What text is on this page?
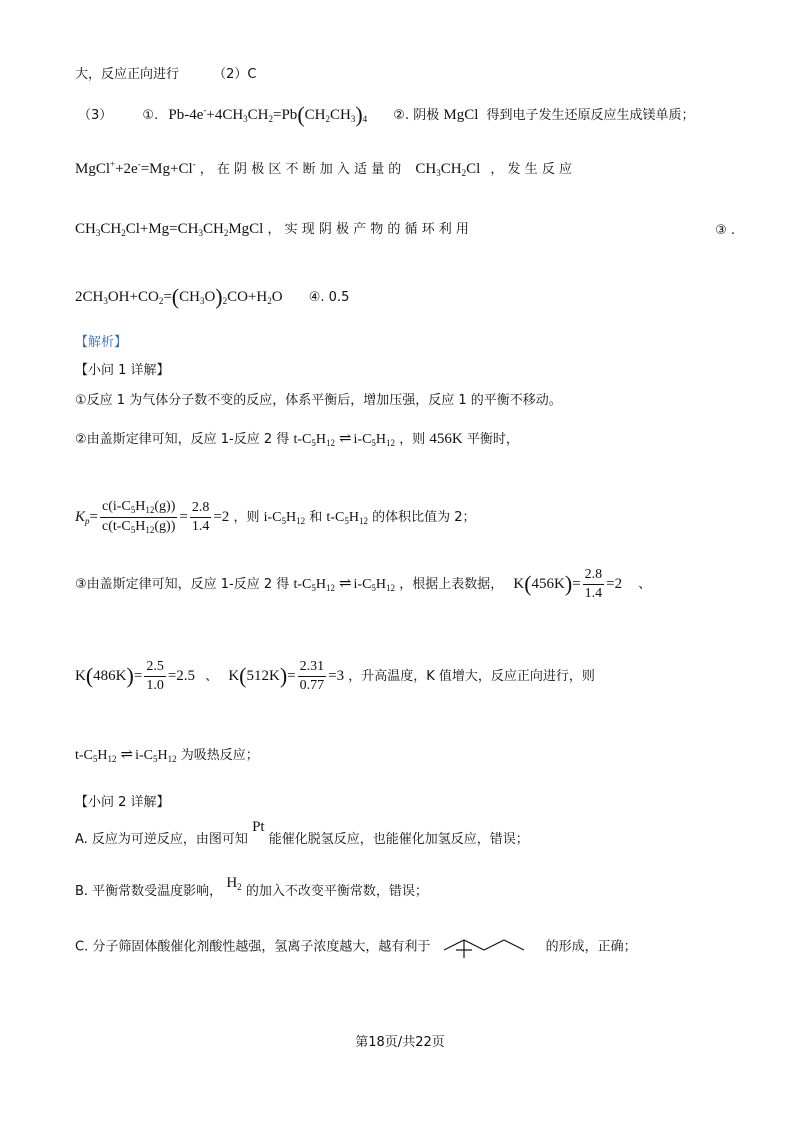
大，反应正向进行	（2）C
（3） ①. $Pb-4e^-+4CH_3CH_2=Pb(CH_2CH_3)_4$ ②. 阴极 MgCl 得到电子发生还原反应生成镁单质；
MgCl++2e-=Mg+Cl- ， 在 阴 极 区 不 断 加 入 适 量 的 $CH_3CH_2Cl$ ， 发 生 反 应
$CH_3CH_2Cl+Mg=CH_3CH_2MgCl$ ， 实 现 阴 极 产 物 的 循 环 利 用	③ .
$2CH_3OH+CO_2=(CH_3O)_2CO+H_2O$ ④. 0.5
【解析】
【小问 1 详解】
①反应 1 为气体分子数不变的反应，体系平衡后，增加压强，反应 1 的平衡不移动。
②由盖斯定律可知，反应 1-反应 2 得 $t-C_5H_{12}$ ⇌ $i-C_5H_{12}$ ，则 456K 平衡时，
$K_p= \frac{c(i-C_5H_{12}(g))}{c(t-C_5H_{12}(g))} = \frac{2.8}{1.4} =2$ ，则 $i-C_5H_{12}$ 和 $t-C_5H_{12}$ 的体积比值为 2；
③由盖斯定律可知，反应 1-反应 2 得 $t-C_5H_{12}$ ⇌ $i-C_5H_{12}$ ，根据上表数据， $K(456K)= \frac{2.8}{1.4} =2$ 、
$K(486K)= \frac{2.5}{1.0} =2.5$ 、 $K(512K)= \frac{2.31}{0.77} =3$ ，升高温度，K 值增大，反应正向进行，则
$t-C_5H_{12}$ ⇌ $i-C_5H_{12}$ 为吸热反应；
【小问 2 详解】
A. 反应为可逆反应，由图可知 Pt 能催化脱氢反应，也能催化加氢反应，错误；
B. 平衡常数受温度影响， $H_2$ 的加入不改变平衡常数，错误；
C. 分子筛固体酸催化剂酸性越强，氢离子浓度越大，越有利于	的形成，正确；
第18页/共22页
